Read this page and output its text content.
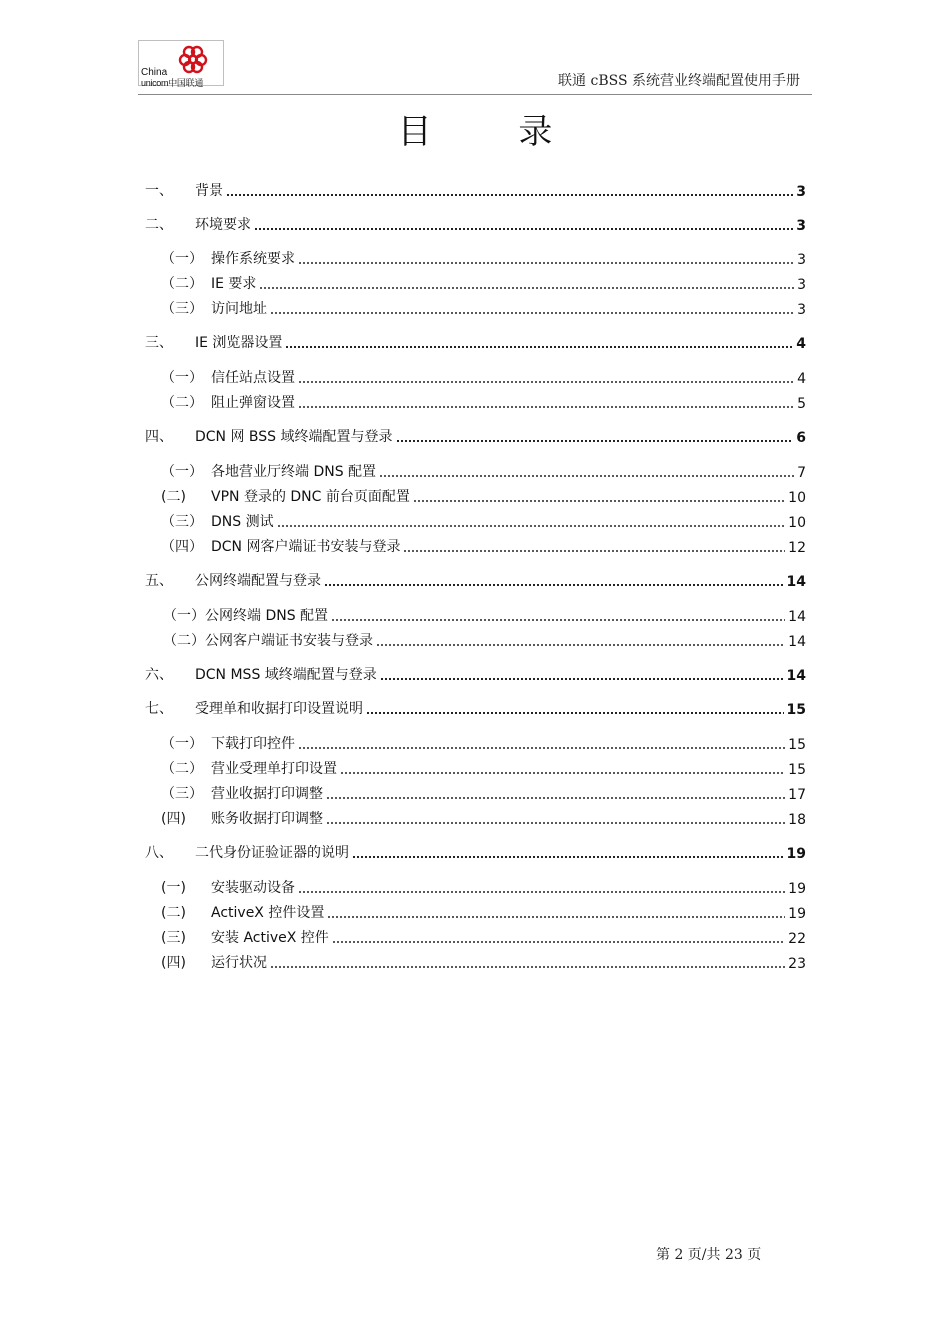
China
unicom中国联通	联通 cBSS 系统营业终端配置使用手册
目 录
一、	背景	3
二、	环境要求	3
（一） 操作系统要求	3
（二） IE 要求	3
（三） 访问地址	3
三、	IE 浏览器设置	4
（一） 信任站点设置	4
（二） 阻止弹窗设置	5
四、	DCN 网 BSS 域终端配置与登录	6
（一） 各地营业厅终端 DNS 配置	7
(二)	VPN 登录的 DNC 前台页面配置	10
（三） DNS 测试	10
（四） DCN 网客户端证书安装与登录	12
五、	公网终端配置与登录	14
（一）公网终端 DNS 配置	14
（二）公网客户端证书安装与登录	14
六、	DCN MSS 域终端配置与登录	14
七、	受理单和收据打印设置说明	15
（一） 下载打印控件	15
（二） 营业受理单打印设置	15
（三） 营业收据打印调整	17
(四)	账务收据打印调整	18
八、	二代身份证验证器的说明	19
(一)	安装驱动设备	19
(二)	ActiveX 控件设置	19
(三)	安装 ActiveX 控件	22
(四)	运行状况	23
第 2 页/共 23 页
